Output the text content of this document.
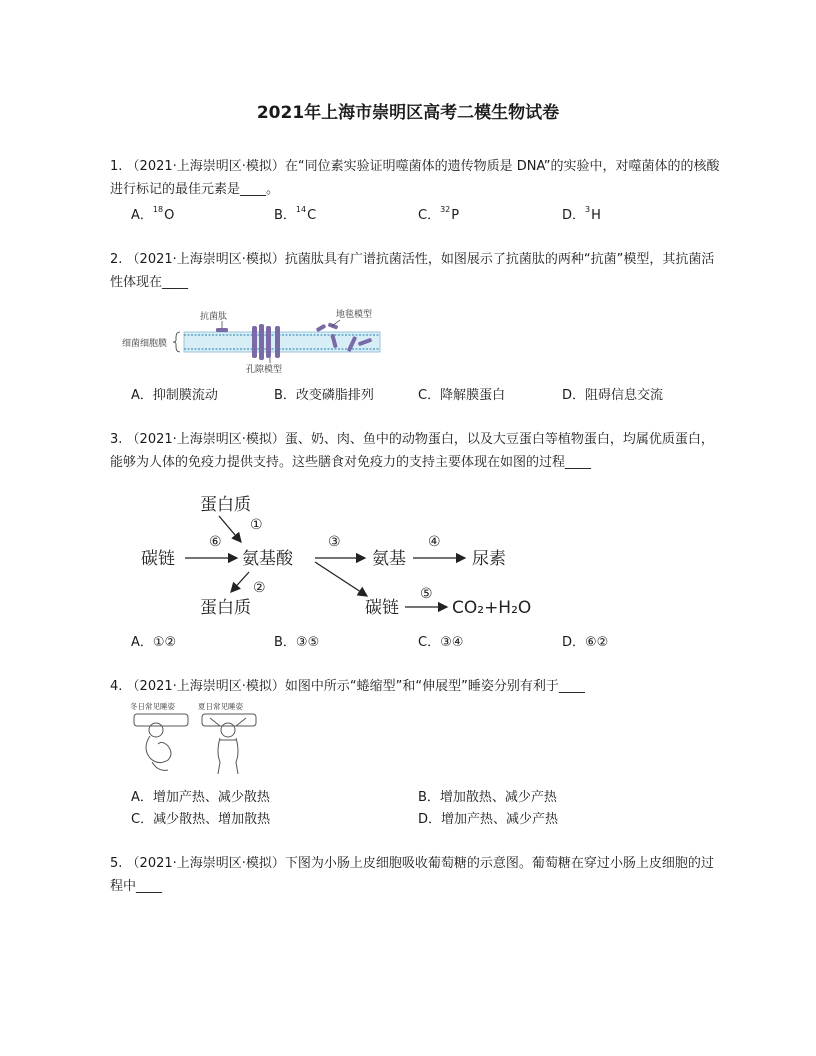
2021年上海市崇明区高考二模生物试卷
1. （2021·上海崇明区·模拟）在“同位素实验证明噬菌体的遗传物质是 DNA”的实验中，对噬菌体的的核酸进行标记的最佳元素是____。
A．$^{18}$O	B．$^{14}$C	C．$^{32}$P	D．$^3$H
2. （2021·上海崇明区·模拟）抗菌肽具有广谱抗菌活性，如图展示了抗菌肽的两种“抗菌”模型，其抗菌活性体现在____
抗菌肽	地毯模型
细菌细胞膜
孔隙模型
A．抑制膜流动	B．改变磷脂排列	C．降解膜蛋白	D．阻碍信息交流
3. （2021·上海崇明区·模拟）蛋、奶、肉、鱼中的动物蛋白，以及大豆蛋白等植物蛋白，均属优质蛋白，能够为人体的免疫力提供支持。这些膳食对免疫力的支持主要体现在如图的过程____
蛋白质
碳链	氨基酸	氨基	尿素
蛋白质	碳链	CO₂+H₂O
①
②
③	④
⑤
⑥
A．①②	B．③⑤	C．③④	D．⑥②
4. （2021·上海崇明区·模拟）如图中所示“蜷缩型”和“伸展型”睡姿分别有利于____
冬日常见睡姿	夏日常见睡姿
A．增加产热、减少散热	B．增加散热、减少产热
C．减少散热、增加散热	D．增加产热、减少产热
5. （2021·上海崇明区·模拟）下图为小肠上皮细胞吸收葡萄糖的示意图。葡萄糖在穿过小肠上皮细胞的过程中____
